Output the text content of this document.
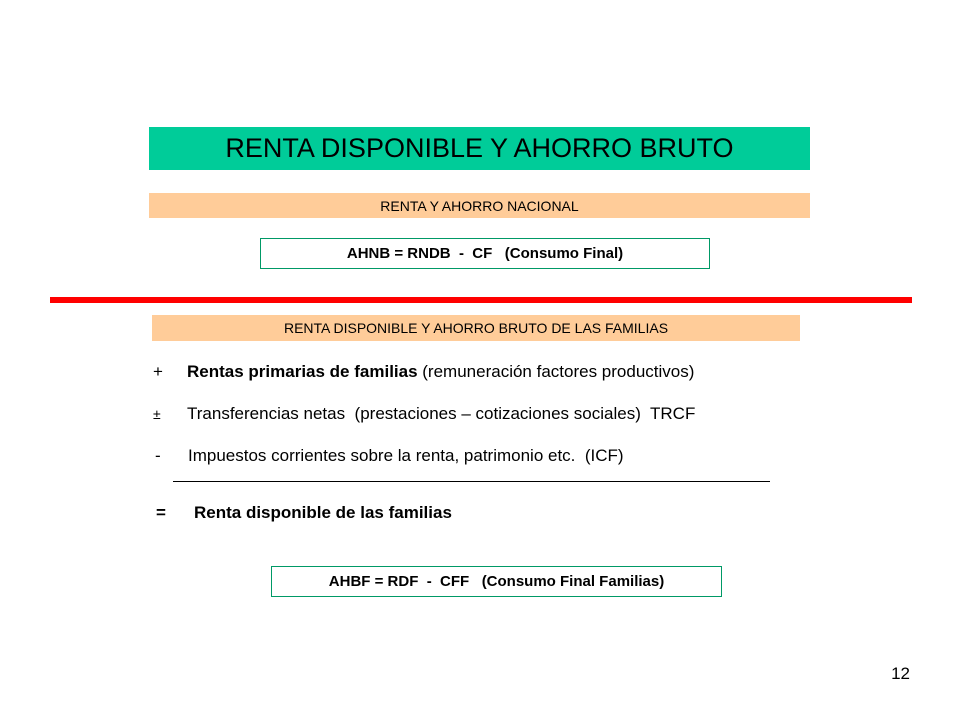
RENTA DISPONIBLE Y AHORRO BRUTO
RENTA Y AHORRO NACIONAL
AHNB = RNDB  -  CF   (Consumo Final)
RENTA DISPONIBLE Y AHORRO BRUTO DE LAS FAMILIAS
+	Rentas primarias de familias (remuneración factores productivos)
±	Transferencias netas  (prestaciones – cotizaciones sociales)  TRCF
-	Impuestos corrientes sobre la renta, patrimonio etc.  (ICF)
=	Renta disponible de las familias
AHBF = RDF  -  CFF   (Consumo Final Familias)
12
